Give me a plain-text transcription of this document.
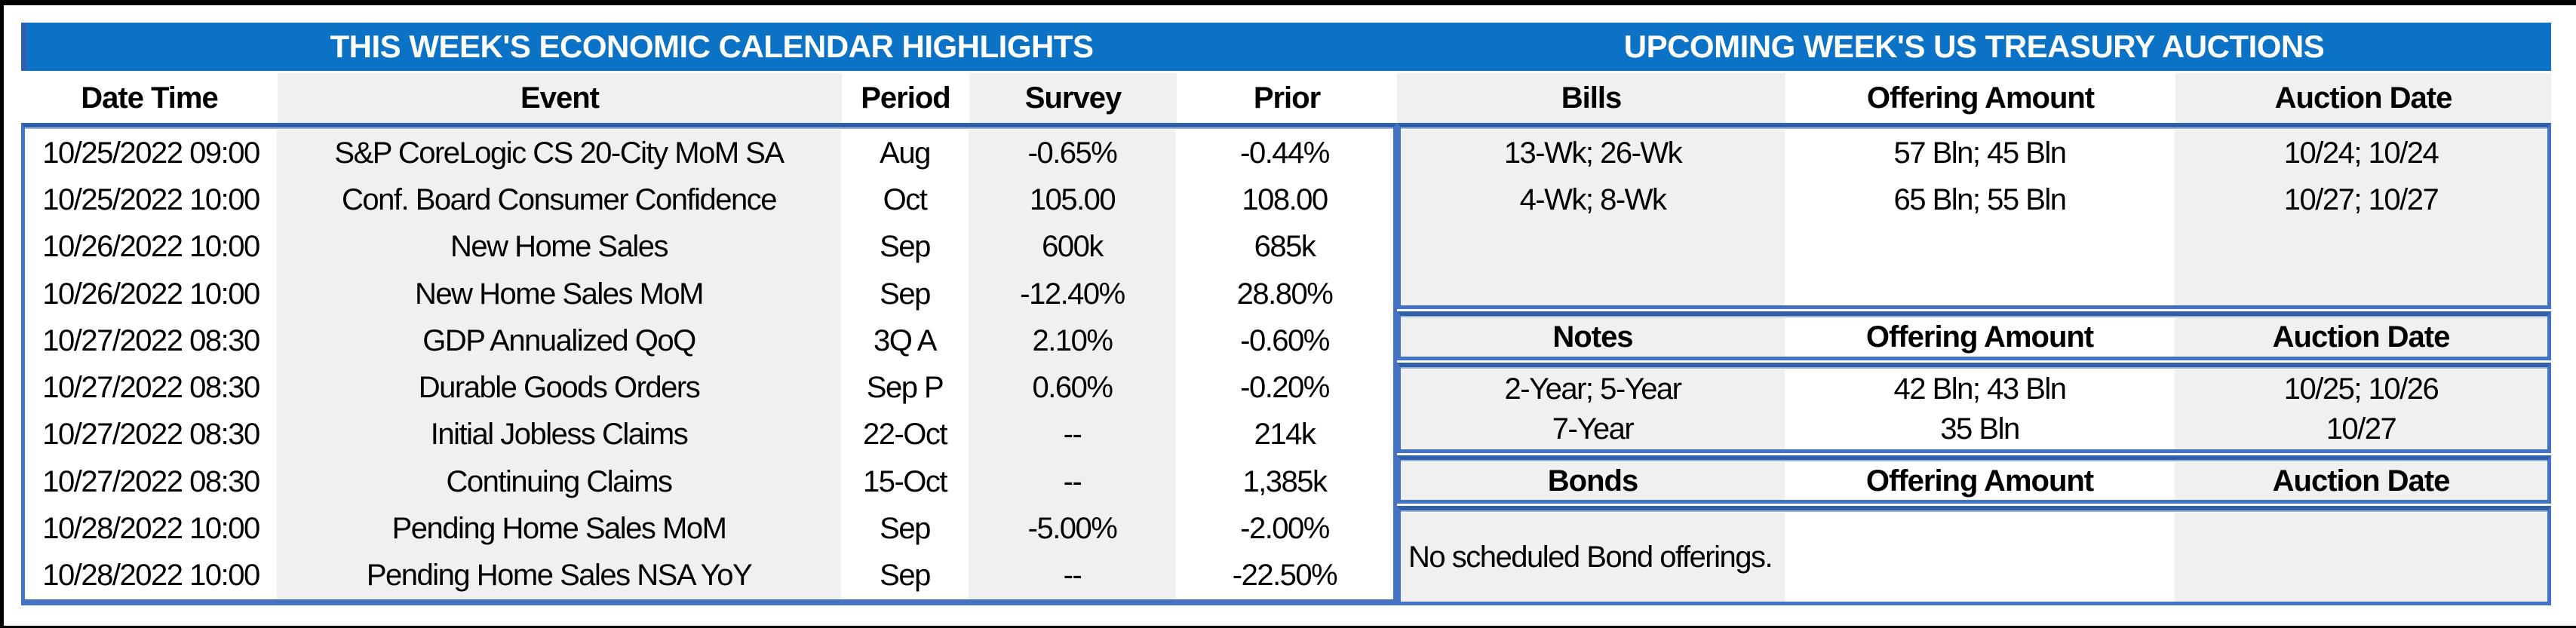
THIS WEEK'S ECONOMIC CALENDAR HIGHLIGHTS	UPCOMING WEEK'S US TREASURY AUCTIONS
Date Time	Event	Period	Survey	Prior	Bills	Offering Amount	Auction Date
10/25/2022 09:00	S&P CoreLogic CS 20-City MoM SA	Aug	-0.65%	-0.44%
10/25/2022 10:00	Conf. Board Consumer Confidence	Oct	105.00	108.00
10/26/2022 10:00	New Home Sales	Sep	600k	685k
10/26/2022 10:00	New Home Sales MoM	Sep	-12.40%	28.80%
10/27/2022 08:30	GDP Annualized QoQ	3Q A	2.10%	-0.60%
10/27/2022 08:30	Durable Goods Orders	Sep P	0.60%	-0.20%
10/27/2022 08:30	Initial Jobless Claims	22-Oct	--	214k
10/27/2022 08:30	Continuing Claims	15-Oct	--	1,385k
10/28/2022 10:00	Pending Home Sales MoM	Sep	-5.00%	-2.00%
10/28/2022 10:00	Pending Home Sales NSA YoY	Sep	--	-22.50%
13-Wk; 26-Wk	57 Bln; 45 Bln	10/24; 10/24
4-Wk; 8-Wk	65 Bln; 55 Bln	10/27; 10/27
Notes	Offering Amount	Auction Date
2-Year; 5-Year	42 Bln; 43 Bln	10/25; 10/26
7-Year	35 Bln	10/27
Bonds	Offering Amount	Auction Date
No scheduled Bond offerings.
